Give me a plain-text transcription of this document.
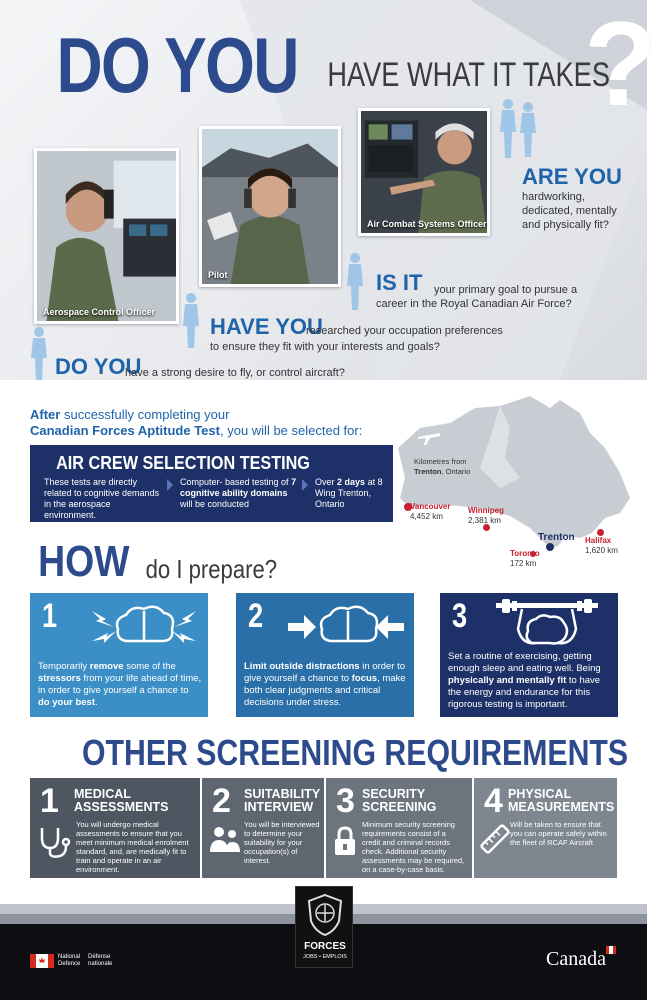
DO YOU HAVE WHAT IT TAKES
?
Aerospace Control Officer
Pilot
Air Combat Systems Officer
ARE YOU
hardworking, dedicated, mentally and physically fit?
IS IT your primary goal to pursue a
career in the Royal Canadian Air Force?
HAVE YOU
researched your occupation preferences
to ensure they fit with your interests and goals?
DO YOU
have a strong desire to fly, or control aircraft?
After successfully completing your
Canadian Forces Aptitude Test, you will be selected for:
AIR CREW SELECTION TESTING
These tests are directly related to cognitive demands in the aerospace environment.
Computer- based testing of 7 cognitive ability domains will be conducted
Over 2 days at 8 Wing Trenton, Ontario
Kilometres from
Trenton, Ontario
Vancouver
4,452 km
Winnipeg
2,381 km
Trenton
Toronto
172 km
Halifax
1,620 km
HOW do I prepare?
1
Temporarily remove some of the stressors from your life ahead of time, in order to give yourself a chance to do your best.
2
Limit outside distractions in order to give yourself a chance to focus, make both clear judgments and critical decisions under stress.
3
Set a routine of exercising, getting enough sleep and eating well. Being physically and mentally fit to have the energy and endurance for this rigorous testing is important.
OTHER SCREENING REQUIREMENTS
1 MEDICAL
ASSESSMENTS
You will undergo medical assessments to ensure that you meet minimum medical enrolment standard, and, are medically fit to train and operate in an air environment.
2 SUITABILITY
INTERVIEW
You will be interviewed to determine your suitability for your occupation(s) of interest.
3 SECURITY
SCREENING
Minimum security screening requirements consist of a credit and criminal records check. Additional security assessments may be required, on a case-by-case basis.
4 PHYSICAL
MEASUREMENTS
Will be taken to ensure that you can operate safely within the fleet of RCAF Aircraft
FORCES
JOBS • EMPLOIS
National
Defence

Défense
nationale	Canada
